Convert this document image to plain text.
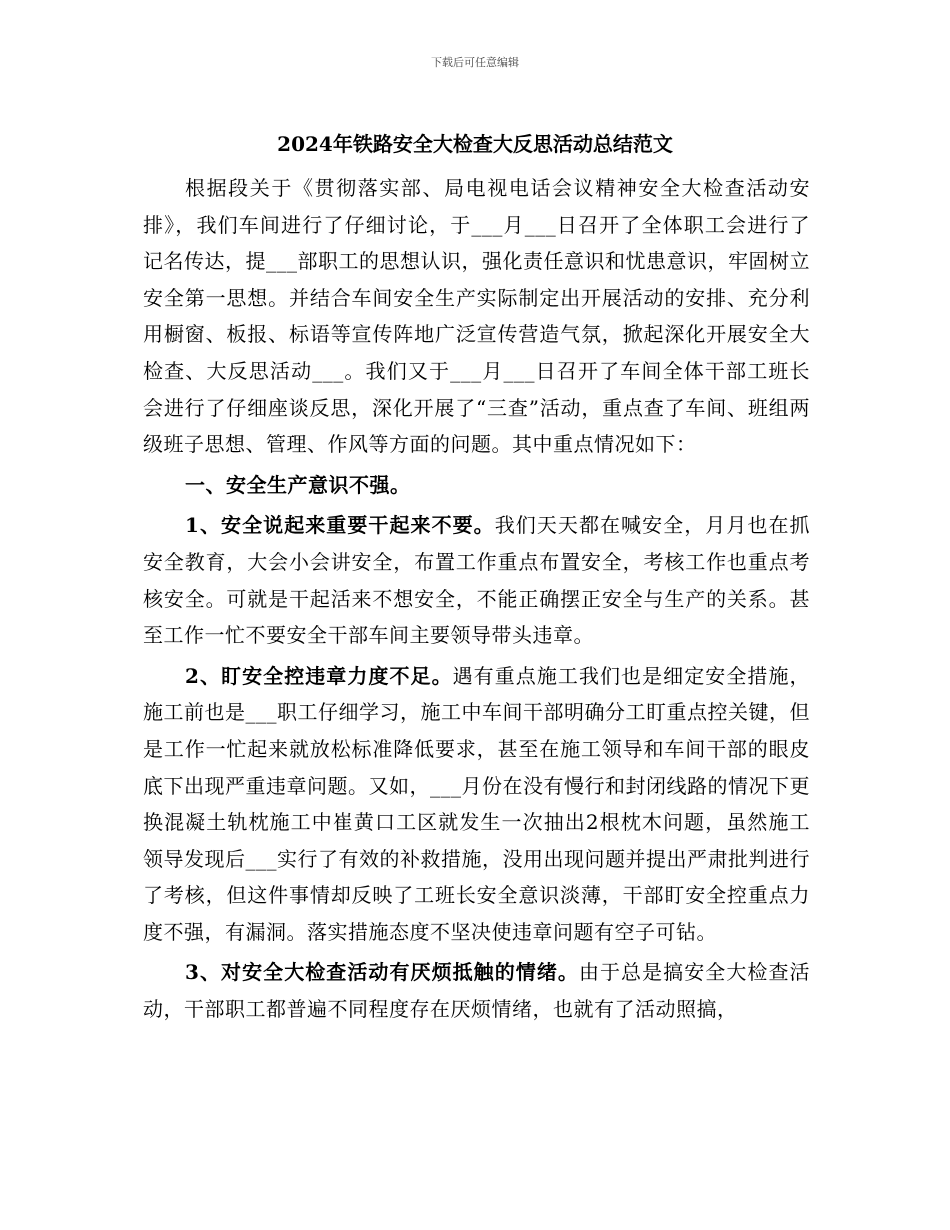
下载后可任意编辑
2024年铁路安全大检查大反思活动总结范文

根据段关于《贯彻落实部、局电视电话会议精神安全大检查活动安排》，我们车间进行了仔细讨论，于___月___日召开了全体职工会进行了记名传达，提___部职工的思想认识，强化责任意识和忧患意识，牢固树立安全第一思想。并结合车间安全生产实际制定出开展活动的安排、充分利用橱窗、板报、标语等宣传阵地广泛宣传营造气氛，掀起深化开展安全大检查、大反思活动___。我们又于___月___日召开了车间全体干部工班长会进行了仔细座谈反思，深化开展了“三查”活动，重点查了车间、班组两级班子思想、管理、作风等方面的问题。其中重点情况如下：

一、安全生产意识不强。

1、安全说起来重要干起来不要。我们天天都在喊安全，月月也在抓安全教育，大会小会讲安全，布置工作重点布置安全，考核工作也重点考核安全。可就是干起活来不想安全，不能正确摆正安全与生产的关系。甚至工作一忙不要安全干部车间主要领导带头违章。

2、盯安全控违章力度不足。遇有重点施工我们也是细定安全措施，施工前也是___职工仔细学习，施工中车间干部明确分工盯重点控关键，但是工作一忙起来就放松标准降低要求，甚至在施工领导和车间干部的眼皮底下出现严重违章问题。又如，___月份在没有慢行和封闭线路的情况下更换混凝土轨枕施工中崔黄口工区就发生一次抽出2根枕木问题，虽然施工领导发现后___实行了有效的补救措施，没用出现问题并提出严肃批判进行了考核，但这件事情却反映了工班长安全意识淡薄，干部盯安全控重点力度不强，有漏洞。落实措施态度不坚决使违章问题有空子可钻。

3、对安全大检查活动有厌烦抵触的情绪。由于总是搞安全大检查活动，干部职工都普遍不同程度存在厌烦情绪，也就有了活动照搞，
